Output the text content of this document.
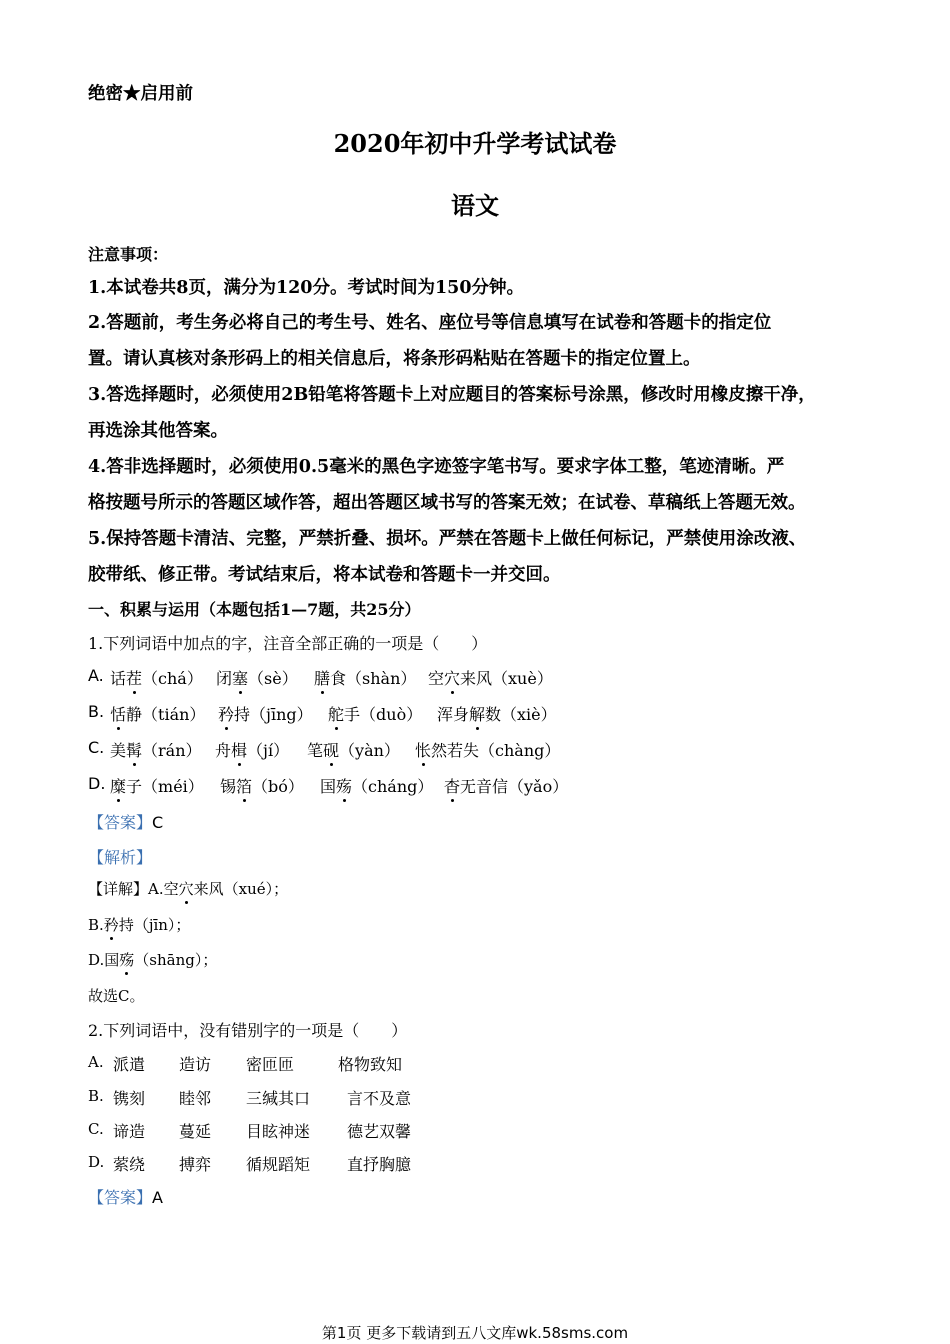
绝密★启用前
2020年初中升学考试试卷
语文
注意事项：
1.本试卷共8页，满分为120分。考试时间为150分钟。
2.答题前，考生务必将自己的考生号、姓名、座位号等信息填写在试卷和答题卡的指定位
置。请认真核对条形码上的相关信息后，将条形码粘贴在答题卡的指定位置上。
3.答选择题时，必须使用2B铅笔将答题卡上对应题目的答案标号涂黑，修改时用橡皮擦干净，
再选涂其他答案。
4.答非选择题时，必须使用0.5毫米的黑色字迹签字笔书写。要求字体工整，笔迹清晰。严
格按题号所示的答题区域作答，超出答题区域书写的答案无效；在试卷、草稿纸上答题无效。
5.保持答题卡清洁、完整，严禁折叠、损坏。严禁在答题卡上做任何标记，严禁使用涂改液、
胶带纸、修正带。考试结束后，将本试卷和答题卡一并交回。
一、积累与运用（本题包括1—7题，共25分）
1.下列词语中加点的字，注音全部正确的一项是（　　）
A. 话茬（chá） 闭塞（sè） 膳食（shàn） 空穴来风（xuè）
B. 恬静（tián） 矜持（jīng） 舵手（duò） 浑身解数（xiè）
C. 美髯（rán） 舟楫（jí） 笔砚（yàn） 怅然若失（chàng）
D. 糜子（méi） 锡箔（bó） 国殇（cháng） 杳无音信（yǎo）
【答案】C
【解析】
【详解】A.空穴来风（xué）；
B.矜持（jīn）；
D.国殇（shāng）；
故选C。
2.下列词语中，没有错别字的一项是（　　）
A. 派遣 造访 密匝匝	格物致知
B. 镌刻 睦邻 三缄其口 言不及意
C. 谛造 蔓延 目眩神迷 德艺双馨
D. 萦绕 搏弈 循规蹈矩 直抒胸臆
【答案】A
第1页 更多下载请到五八文库wk.58sms.com
